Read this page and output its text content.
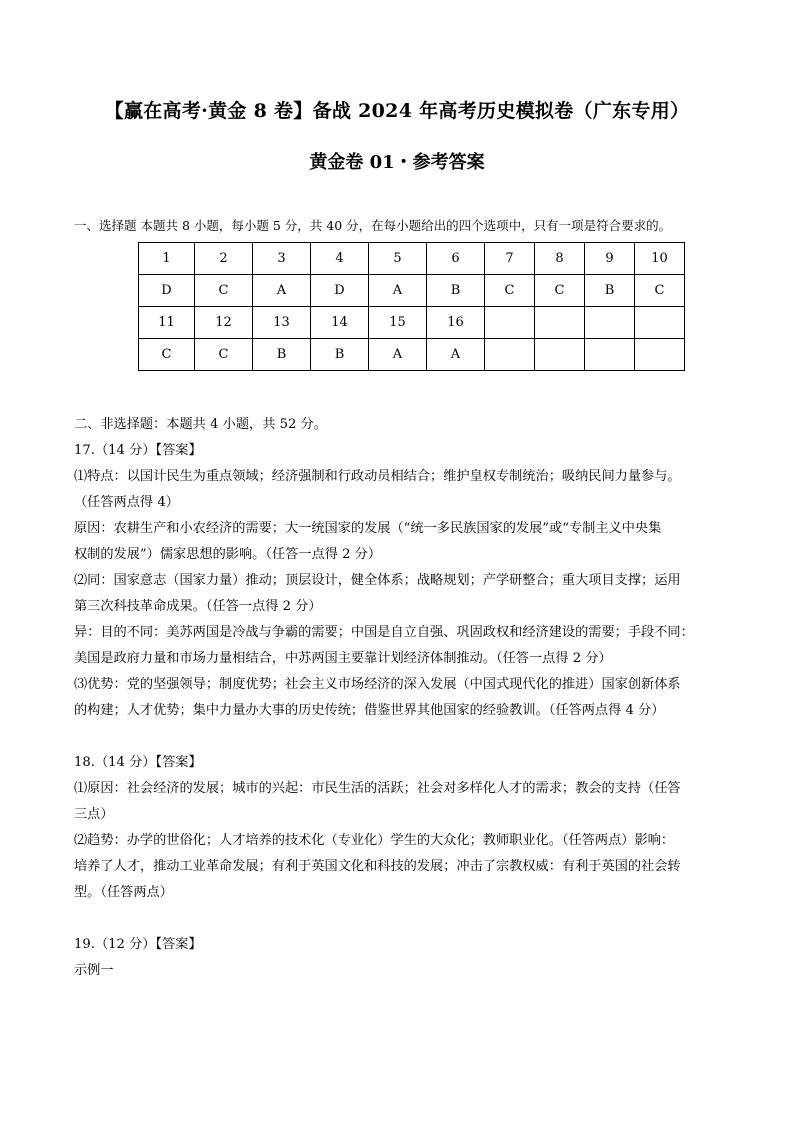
【赢在高考·黄金 8 卷】备战 2024 年高考历史模拟卷（广东专用）
黄金卷 01・参考答案
一、选择题 本题共 8 小题，每小题 5 分，共 40 分，在每小题给出的四个选项中，只有一项是符合要求的。
1	2	3	4	5	6	7	8	9	10
D	C	A	D	A	B	C	C	B	C
11	12	13	14	15	16				
C	C	B	B	A	A				

二、非选择题：本题共 4 小题，共 52 分。

17.（14 分）【答案】

⑴特点：以国计民生为重点领域；经济强制和行政动员相结合；维护皇权专制统治；吸纳民间力量参与。

（任答两点得 4）

原因：农耕生产和小农经济的需要；大一统国家的发展（“统一多民族国家的发展”或“专制主义中央集

权制的发展”）儒家思想的影响。（任答一点得 2 分）

⑵同：国家意志（国家力量）推动；顶层设计，健全体系；战略规划；产学研整合；重大项目支撑；运用

第三次科技革命成果。（任答一点得 2 分）

异：目的不同：美苏两国是冷战与争霸的需要；中国是自立自强、巩固政权和经济建设的需要；手段不同：

美国是政府力量和市场力量相结合，中苏两国主要靠计划经济体制推动。（任答一点得 2 分）

⑶优势：党的坚强领导；制度优势；社会主义市场经济的深入发展（中国式现代化的推进）国家创新体系

的构建；人才优势；集中力量办大事的历史传统；借鉴世界其他国家的经验教训。（任答两点得 4 分）

18.（14 分）【答案】

⑴原因：社会经济的发展；城市的兴起：市民生活的活跃；社会对多样化人才的需求；教会的支持（任答

三点）

⑵趋势：办学的世俗化；人才培养的技术化（专业化）学生的大众化；教师职业化。（任答两点）影响：

培养了人才，推动工业革命发展；有利于英国文化和科技的发展；冲击了宗教权威：有利于英国的社会转

型。（任答两点）

19.（12 分）【答案】

示例一
